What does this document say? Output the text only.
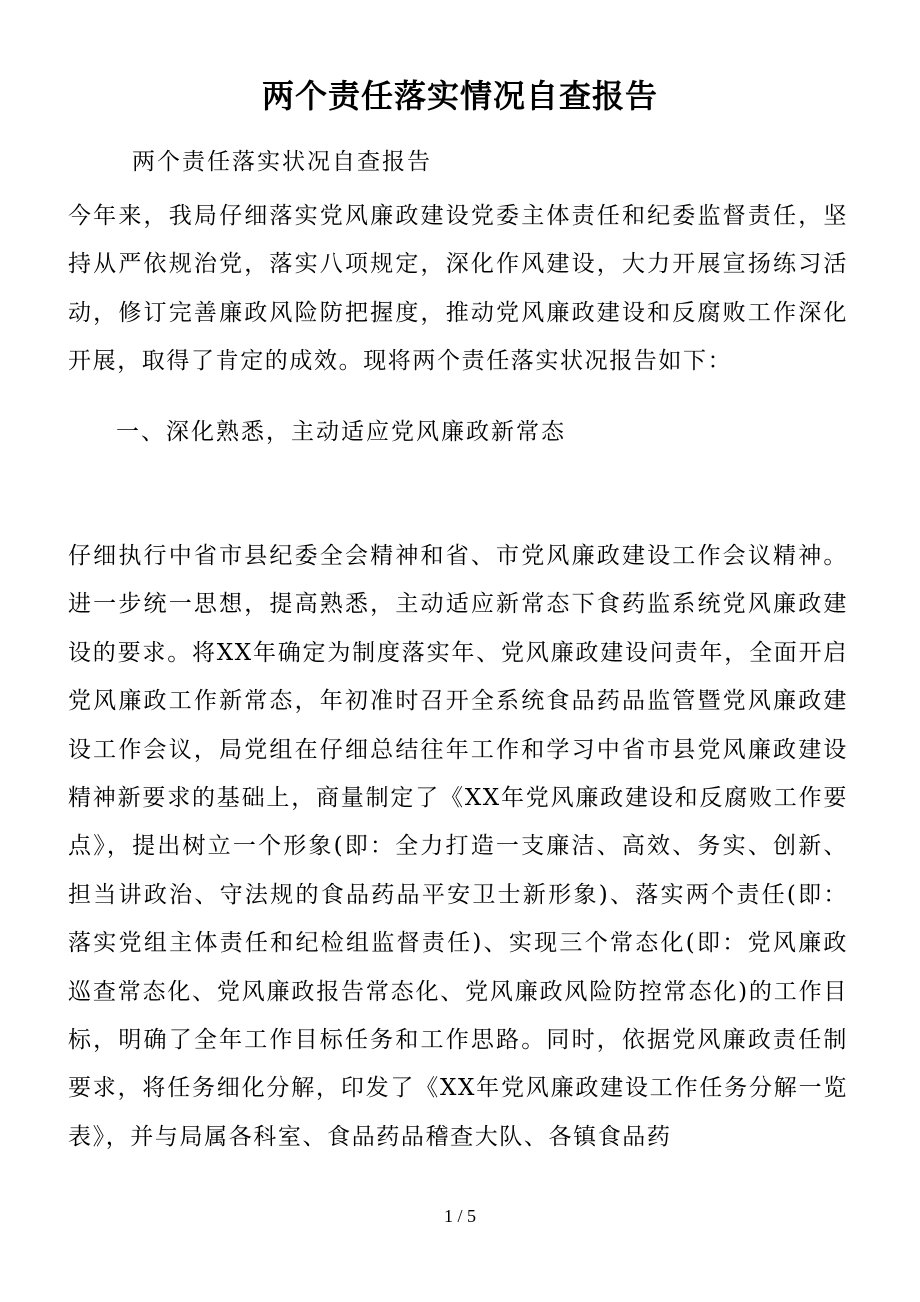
两个责任落实情况自查报告

两个责任落实状况自查报告

今年来，我局仔细落实党风廉政建设党委主体责任和纪委监督责任，坚持从严依规治党，落实八项规定，深化作风建设，大力开展宣扬练习活动，修订完善廉政风险防把握度，推动党风廉政建设和反腐败工作深化开展，取得了肯定的成效。现将两个责任落实状况报告如下：

一、深化熟悉，主动适应党风廉政新常态

仔细执行中省市县纪委全会精神和省、市党风廉政建设工作会议精神。进一步统一思想，提高熟悉，主动适应新常态下食药监系统党风廉政建设的要求。将XX年确定为制度落实年、党风廉政建设问责年，全面开启党风廉政工作新常态，年初准时召开全系统食品药品监管暨党风廉政建设工作会议，局党组在仔细总结往年工作和学习中省市县党风廉政建设精神新要求的基础上，商量制定了《XX年党风廉政建设和反腐败工作要点》，提出树立一个形象(即：全力打造一支廉洁、高效、务实、创新、担当讲政治、守法规的食品药品平安卫士新形象)、落实两个责任(即：落实党组主体责任和纪检组监督责任)、实现三个常态化(即：党风廉政巡查常态化、党风廉政报告常态化、党风廉政风险防控常态化)的工作目标，明确了全年工作目标任务和工作思路。同时，依据党风廉政责任制要求，将任务细化分解，印发了《XX年党风廉政建设工作任务分解一览表》，并与局属各科室、食品药品稽查大队、各镇食品药

1 / 5
